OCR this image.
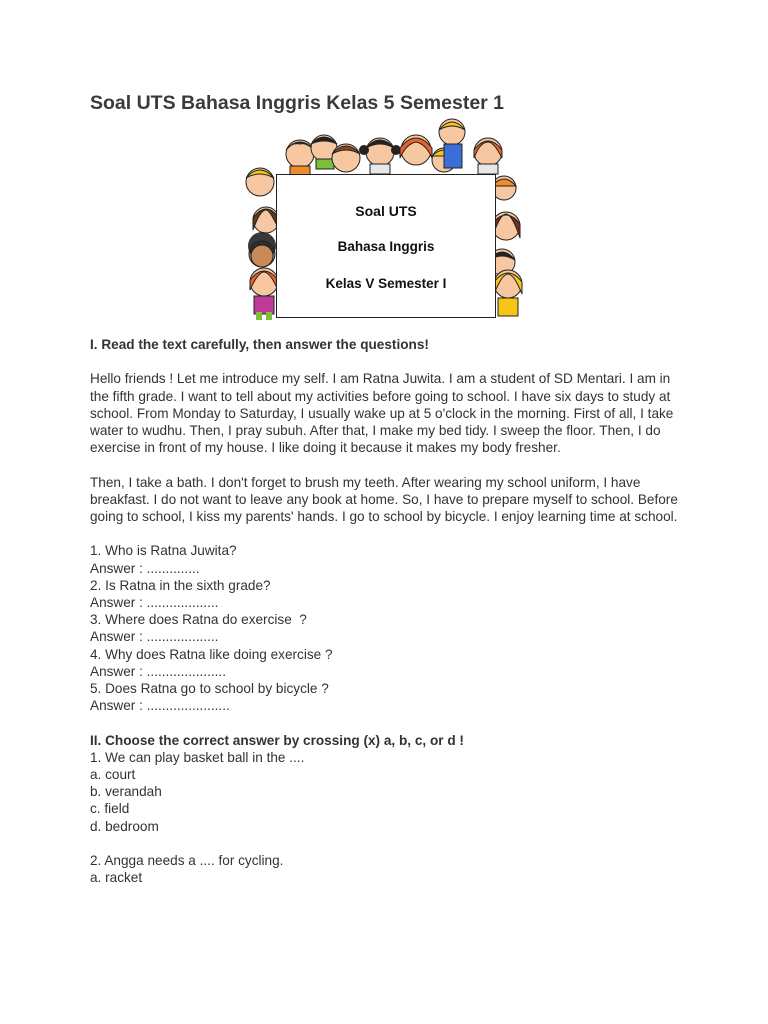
Soal UTS Bahasa Inggris Kelas 5 Semester 1
Soal UTS
Bahasa Inggris
Kelas V Semester I

I. Read the text carefully, then answer the questions!

Hello friends ! Let me introduce my self. I am Ratna Juwita. I am a student of SD Mentari. I am in the fifth grade. I want to tell about my activities before going to school. I have six days to study at school. From Monday to Saturday, I usually wake up at 5 o'clock in the morning. First of all, I take water to wudhu. Then, I pray subuh. After that, I make my bed tidy. I sweep the floor. Then, I do exercise in front of my house. I like doing it because it makes my body fresher.

Then, I take a bath. I don't forget to brush my teeth. After wearing my school uniform, I have breakfast. I do not want to leave any book at home. So, I have to prepare myself to school. Before going to school, I kiss my parents' hands. I go to school by bicycle. I enjoy learning time at school.

1. Who is Ratna Juwita?

Answer : ..............

2. Is Ratna in the sixth grade?

Answer : ...................

3. Where does Ratna do exercise  ?

Answer : ...................

4. Why does Ratna like doing exercise ?

Answer : .....................

5. Does Ratna go to school by bicycle ?

Answer : ......................

II. Choose the correct answer by crossing (x) a, b, c, or d !

1. We can play basket ball in the ....

a. court

b. verandah

c. field

d. bedroom

2. Angga needs a .... for cycling.

a. racket
